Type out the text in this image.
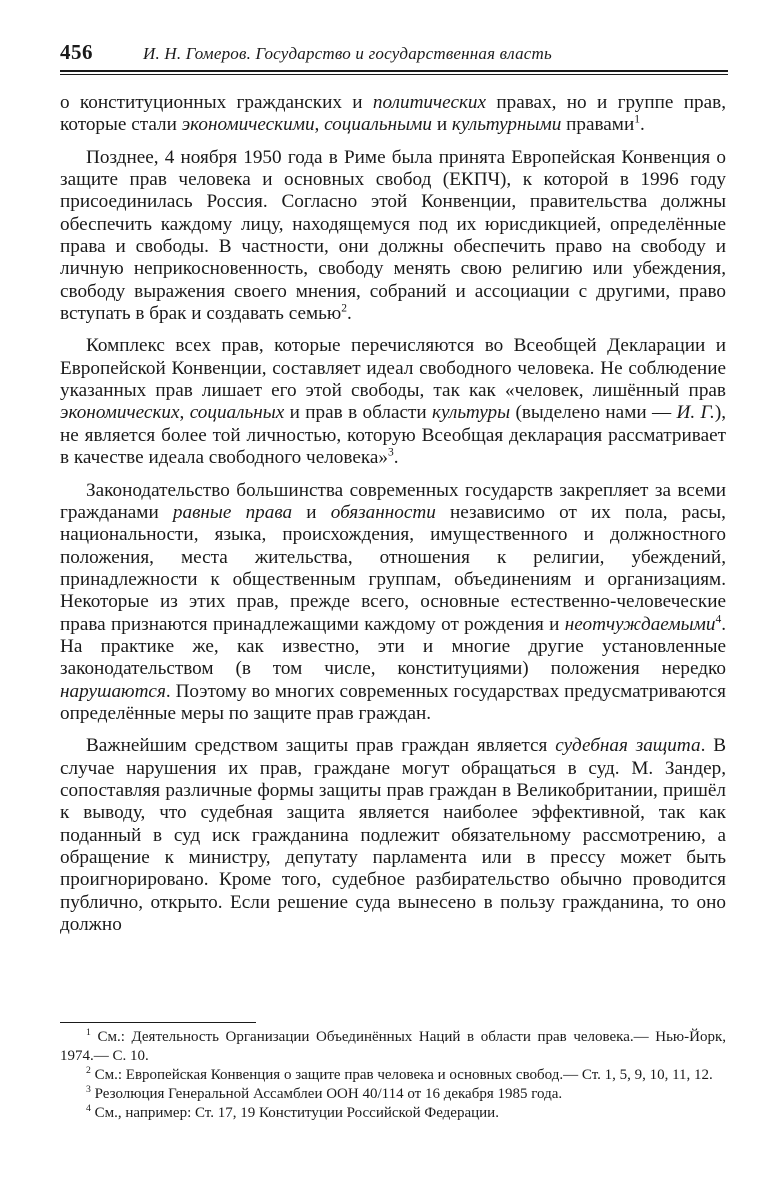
456	И. Н. Гомеров. Государство и государственная власть

о конституционных гражданских и политических правах, но и группе прав, которые стали экономическими, социальными и культурными правами$^1$.

Позднее, 4 ноября 1950 года в Риме была принята Европейская Конвенция о защите прав человека и основных свобод (ЕКПЧ), к которой в 1996 году присоединилась Россия. Согласно этой Конвенции, правительства должны обеспечить каждому лицу, находящемуся под их юрисдикцией, определённые права и свободы. В частности, они должны обеспечить право на свободу и личную неприкосновенность, свободу менять свою религию или убеждения, свободу выражения своего мнения, собраний и ассоциации с другими, право вступать в брак и создавать семью$^2$.

Комплекс всех прав, которые перечисляются во Всеобщей Декларации и Европейской Конвенции, составляет идеал свободного человека. Не соблюдение указанных прав лишает его этой свободы, так как «человек, лишённый прав экономических, социальных и прав в области культуры (выделено нами — И. Г.), не является более той личностью, которую Всеобщая декларация рассматривает в качестве идеала свободного человека»$^3$.

Законодательство большинства современных государств закрепляет за всеми гражданами равные права и обязанности независимо от их пола, расы, национальности, языка, происхождения, имущественного и должностного положения, места жительства, отношения к религии, убеждений, принадлежности к общественным группам, объединениям и организациям. Некоторые из этих прав, прежде всего, основные естественно-человеческие права признаются принадлежащими каждому от рождения и неотчуждаемыми$^4$. На практике же, как известно, эти и многие другие установленные законодательством (в том числе, конституциями) положения нередко нарушаются. Поэтому во многих современных государствах предусматриваются определённые меры по защите прав граждан.

Важнейшим средством защиты прав граждан является судебная защита. В случае нарушения их прав, граждане могут обращаться в суд. М. Зандер, сопоставляя различные формы защиты прав граждан в Великобритании, пришёл к выводу, что судебная защита является наиболее эффективной, так как поданный в суд иск гражданина подлежит обязательному рассмотрению, а обращение к министру, депутату парламента или в прессу может быть проигнорировано. Кроме того, судебное разбирательство обычно проводится публично, открыто. Если решение суда вынесено в пользу гражданина, то оно должно

$^1$ См.: Деятельность Организации Объединённых Наций в области прав человека.— Нью-Йорк, 1974.— С. 10.

$^2$ См.: Европейская Конвенция о защите прав человека и основных свобод.— Ст. 1, 5, 9, 10, 11, 12.

$^3$ Резолюция Генеральной Ассамблеи ООН 40/114 от 16 декабря 1985 года.

$^4$ См., например: Ст. 17, 19 Конституции Российской Федерации.
